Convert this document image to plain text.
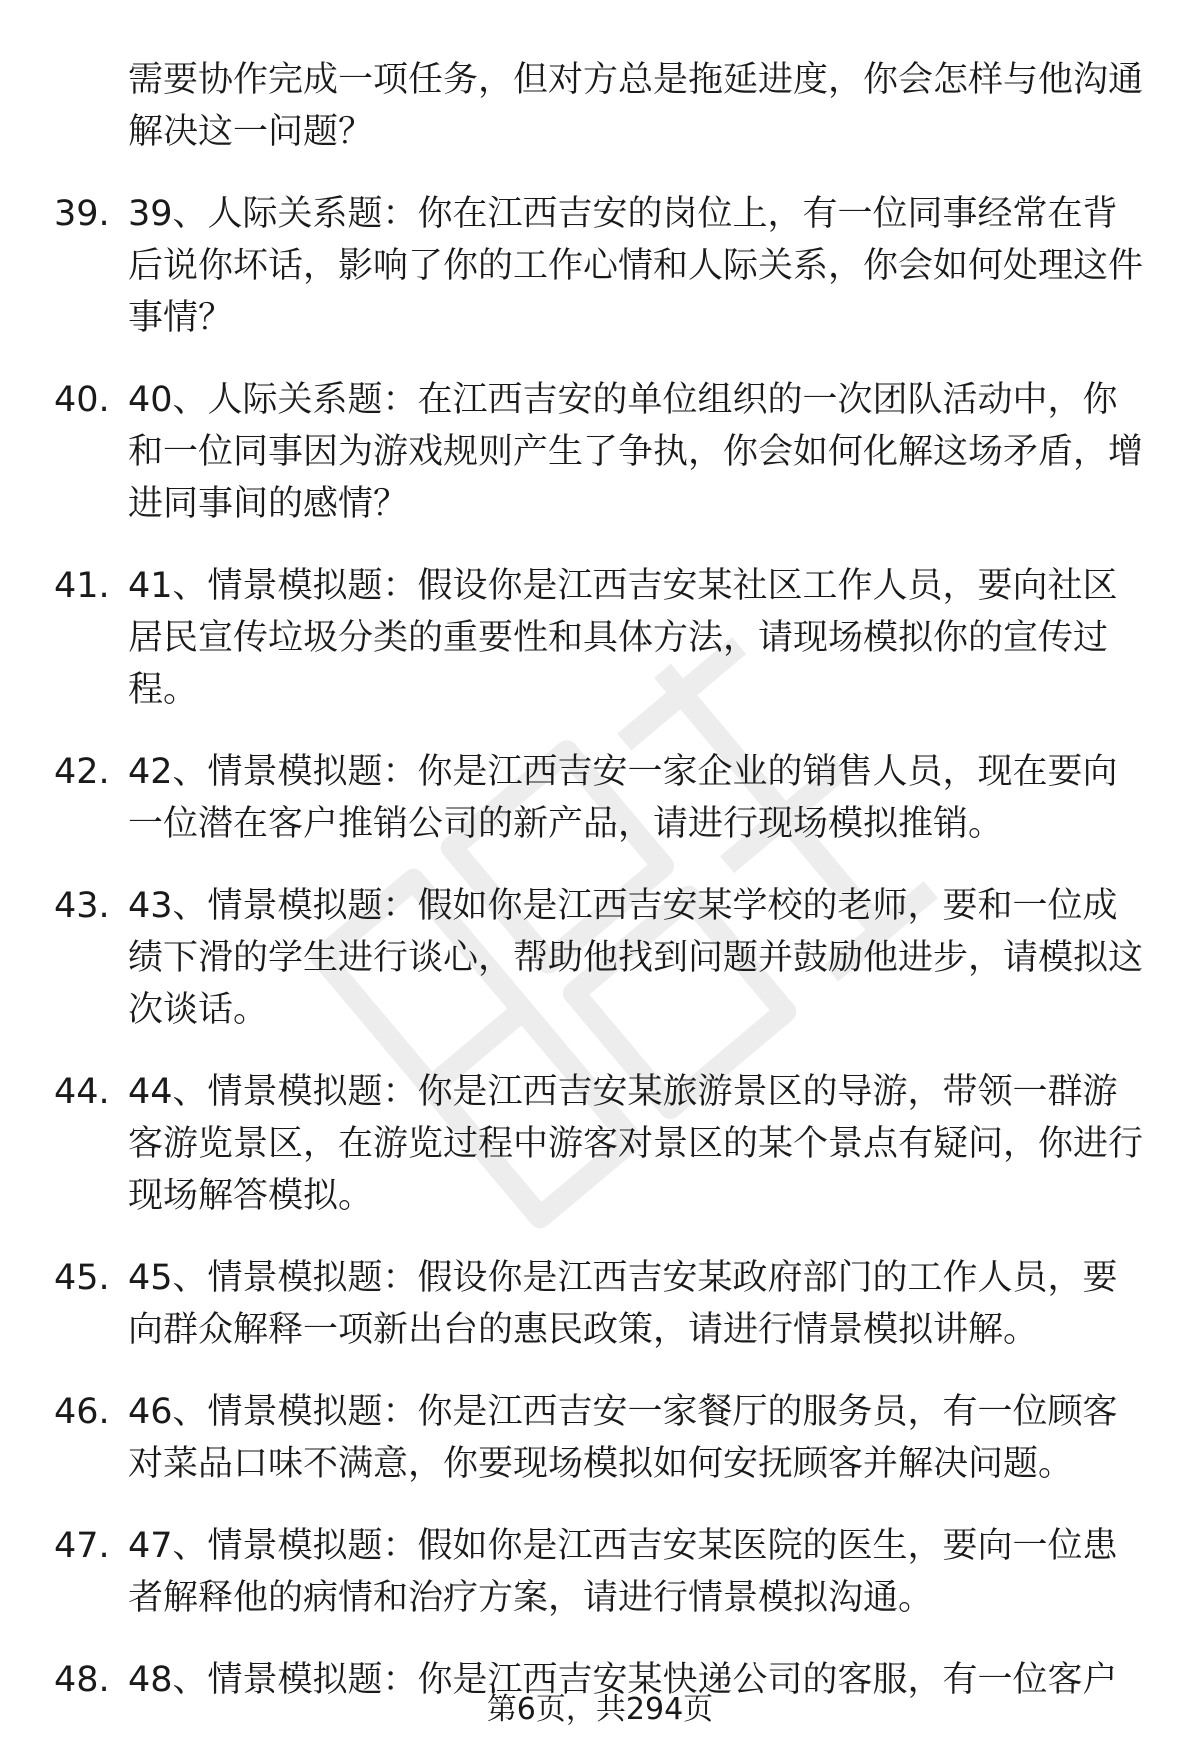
需要协作完成一项任务，但对方总是拖延进度，你会怎样与他沟通解决这一问题？
39. 39、人际关系题：你在江西吉安的岗位上，有一位同事经常在背后说你坏话，影响了你的工作心情和人际关系，你会如何处理这件事情？
40. 40、人际关系题：在江西吉安的单位组织的一次团队活动中，你和一位同事因为游戏规则产生了争执，你会如何化解这场矛盾，增进同事间的感情？
41. 41、情景模拟题：假设你是江西吉安某社区工作人员，要向社区居民宣传垃圾分类的重要性和具体方法，请现场模拟你的宣传过程。
42. 42、情景模拟题：你是江西吉安一家企业的销售人员，现在要向一位潜在客户推销公司的新产品，请进行现场模拟推销。
43. 43、情景模拟题：假如你是江西吉安某学校的老师，要和一位成绩下滑的学生进行谈心，帮助他找到问题并鼓励他进步，请模拟这次谈话。
44. 44、情景模拟题：你是江西吉安某旅游景区的导游，带领一群游客游览景区，在游览过程中游客对景区的某个景点有疑问，你进行现场解答模拟。
45. 45、情景模拟题：假设你是江西吉安某政府部门的工作人员，要向群众解释一项新出台的惠民政策，请进行情景模拟讲解。
46. 46、情景模拟题：你是江西吉安一家餐厅的服务员，有一位顾客对菜品口味不满意，你要现场模拟如何安抚顾客并解决问题。
47. 47、情景模拟题：假如你是江西吉安某医院的医生，要向一位患者解释他的病情和治疗方案，请进行情景模拟沟通。
48. 48、情景模拟题：你是江西吉安某快递公司的客服，有一位客户
第6页，共294页
